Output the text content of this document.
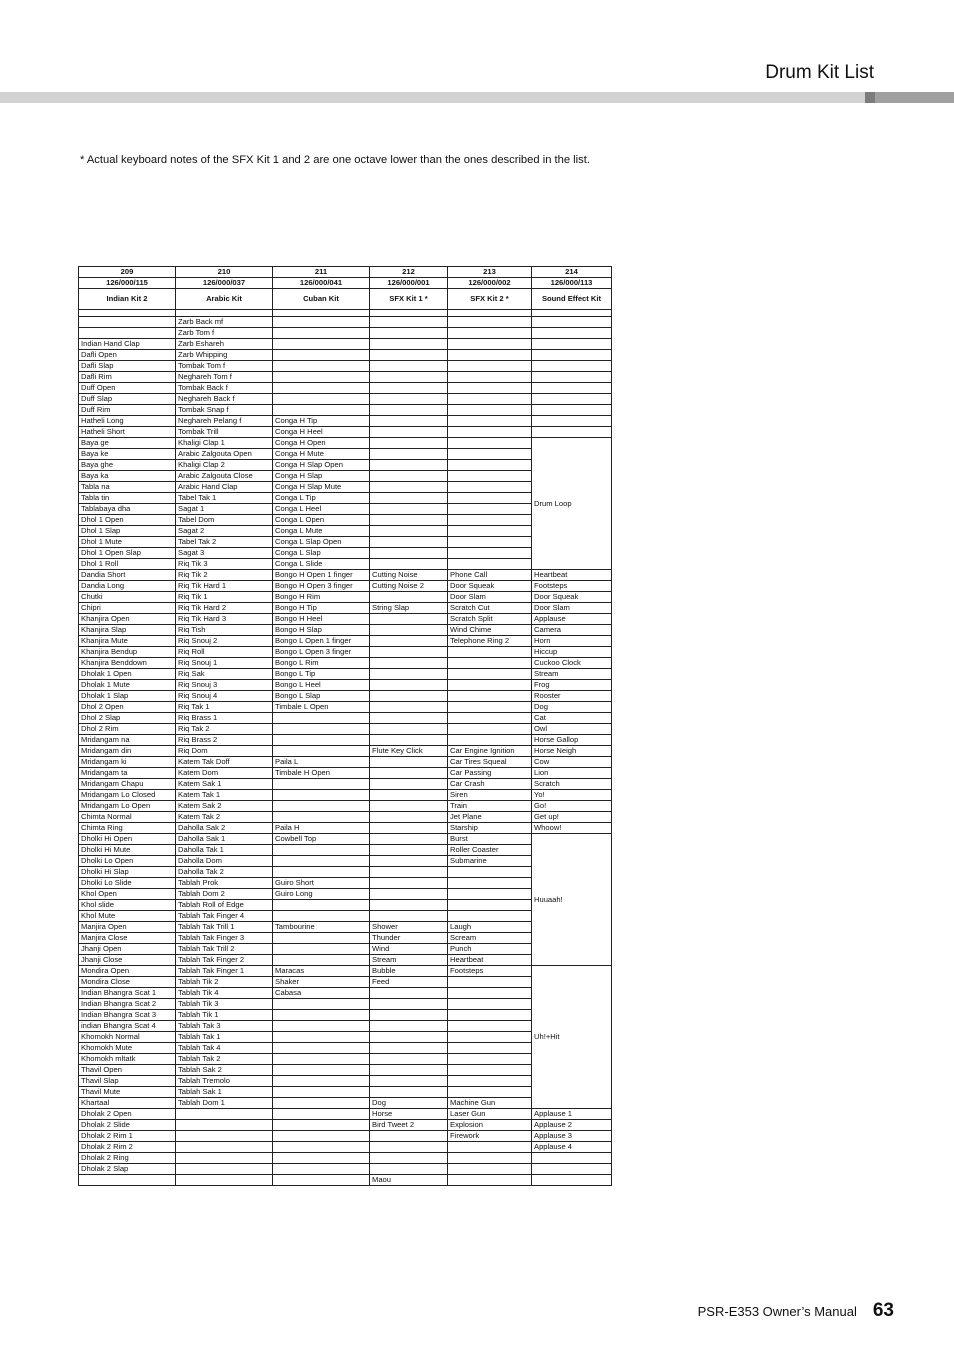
Drum Kit List
* Actual keyboard notes of the SFX Kit 1 and 2 are one octave lower than the ones described in the list.
209	210	211	212	213	214
126/000/115	126/000/037	126/000/041	126/000/001	126/000/002	126/000/113
Indian Kit 2	Arabic Kit	Cuban Kit	SFX Kit 1 *	SFX Kit 2 *	Sound Effect Kit

	Zarb Back mf				
	Zarb Tom f				
Indian Hand Clap	Zarb Eshareh				
Dafli Open	Zarb Whipping				
Dafli Slap	Tombak Tom f				
Dafli Rim	Neghareh Tom f				
Duff Open	Tombak Back f				
Duff Slap	Neghareh Back f				
Duff Rim	Tombak Snap f				
Hatheli Long	Neghareh Pelang f	Conga H Tip			
Hatheli Short	Tombak Trill	Conga H Heel			
Baya ge	Khaligi Clap 1	Conga H Open			Drum Loop
Baya ke	Arabic Zalgouta Open	Conga H Mute			
Baya ghe	Khaligi Clap 2	Conga H Slap Open			
Baya ka	Arabic Zalgouta Close	Conga H Slap			
Tabla na	Arabic Hand Clap	Conga H Slap Mute			
Tabla tin	Tabel Tak 1	Conga L Tip			
Tablabaya dha	Sagat 1	Conga L Heel			
Dhol 1 Open	Tabel Dom	Conga L Open			
Dhol 1 Slap	Sagat 2	Conga L Mute			
Dhol 1 Mute	Tabel Tak 2	Conga L Slap Open			
Dhol 1 Open Slap	Sagat 3	Conga L Slap			
Dhol 1 Roll	Riq Tik 3	Conga L Slide			
Dandia Short	Riq Tik 2	Bongo H Open 1 finger	Cutting Noise	Phone Call	Heartbeat
Dandia Long	Riq Tik Hard 1	Bongo H Open 3 finger	Cutting Noise 2	Door Squeak	Footsteps
Chutki	Riq Tik 1	Bongo H Rim		Door Slam	Door Squeak
Chipri	Riq Tik Hard 2	Bongo H Tip	String Slap	Scratch Cut	Door Slam
Khanjira Open	Riq Tik Hard 3	Bongo H Heel		Scratch Split	Applause
Khanjira Slap	Riq Tish	Bongo H Slap		Wind Chime	Camera
Khanjira Mute	Riq Snouj 2	Bongo L Open 1 finger		Telephone Ring 2	Horn
Khanjira Bendup	Riq Roll	Bongo L Open 3 finger			Hiccup
Khanjira Benddown	Riq Snouj 1	Bongo L Rim			Cuckoo Clock
Dholak 1 Open	Riq Sak	Bongo L Tip			Stream
Dholak 1 Mute	Riq Snouj 3	Bongo L Heel			Frog
Dholak 1 Slap	Riq Snouj 4	Bongo L Slap			Rooster
Dhol 2 Open	Riq Tak 1	Timbale L Open			Dog
Dhol 2 Slap	Riq Brass 1				Cat
Dhol 2 Rim	Riq Tak 2				Owl
Mridangam na	Riq Brass 2				Horse Gallop
Mridangam din	Riq Dom		Flute Key Click	Car Engine Ignition	Horse Neigh
Mridangam ki	Katem Tak Doff	Paila L		Car Tires Squeal	Cow
Mridangam ta	Katem Dom	Timbale H Open		Car Passing	Lion
Mridangam Chapu	Katem Sak 1			Car Crash	Scratch
Mridangam Lo Closed	Katem Tak 1			Siren	Yo!
Mridangam Lo Open	Katem Sak 2			Train	Go!
Chimta Normal	Katem Tak 2			Jet Plane	Get up!
Chimta Ring	Daholla Sak 2	Paila H		Starship	Whoow!
Dholki Hi Open	Daholla Sak 1	Cowbell Top		Burst	Huuaah!
Dholki Hi Mute	Daholla Tak 1			Roller Coaster	
Dholki Lo Open	Daholla Dom			Submarine	
Dholki Hi Slap	Daholla Tak 2				
Dholki Lo Slide	Tablah Prok	Guiro Short			
Khol Open	Tablah Dom 2	Guiro Long			
Khol slide	Tablah Roll of Edge				
Khol Mute	Tablah Tak Finger 4				
Manjira Open	Tablah Tak Trill 1	Tambourine	Shower	Laugh	
Manjira Close	Tablah Tak Finger 3		Thunder	Scream	
Jhanji Open	Tablah Tak Trill 2		Wind	Punch	
Jhanji Close	Tablah Tak Finger 2		Stream	Heartbeat	
Mondira Open	Tablah Tak Finger 1	Maracas	Bubble	Footsteps	Uh!+Hit
Mondira Close	Tablah Tik 2	Shaker	Feed		
Indian Bhangra Scat 1	Tablah Tik 4	Cabasa			
Indian Bhangra Scat 2	Tablah Tik 3				
Indian Bhangra Scat 3	Tablah Tik 1				
indian Bhangra Scat 4	Tablah Tak 3				
Khomokh Normal	Tablah Tak 1				
Khomokh Mute	Tablah Tak 4				
Khomokh mltatk	Tablah Tak 2				
Thavil Open	Tablah Sak 2				
Thavil Slap	Tablah Tremolo				
Thavil Mute	Tablah Sak 1				
Khartaal	Tablah Dom 1		Dog	Machine Gun	
Dholak 2 Open			Horse	Laser Gun	Applause 1
Dholak 2 Slide			Bird Tweet 2	Explosion	Applause 2
Dholak 2 Rim 1				Firework	Applause 3
Dholak 2 Rim 2					Applause 4
Dholak 2 Ring					
Dholak 2 Slap					
			Maou		
PSR-E353 Owner’s Manual 63
